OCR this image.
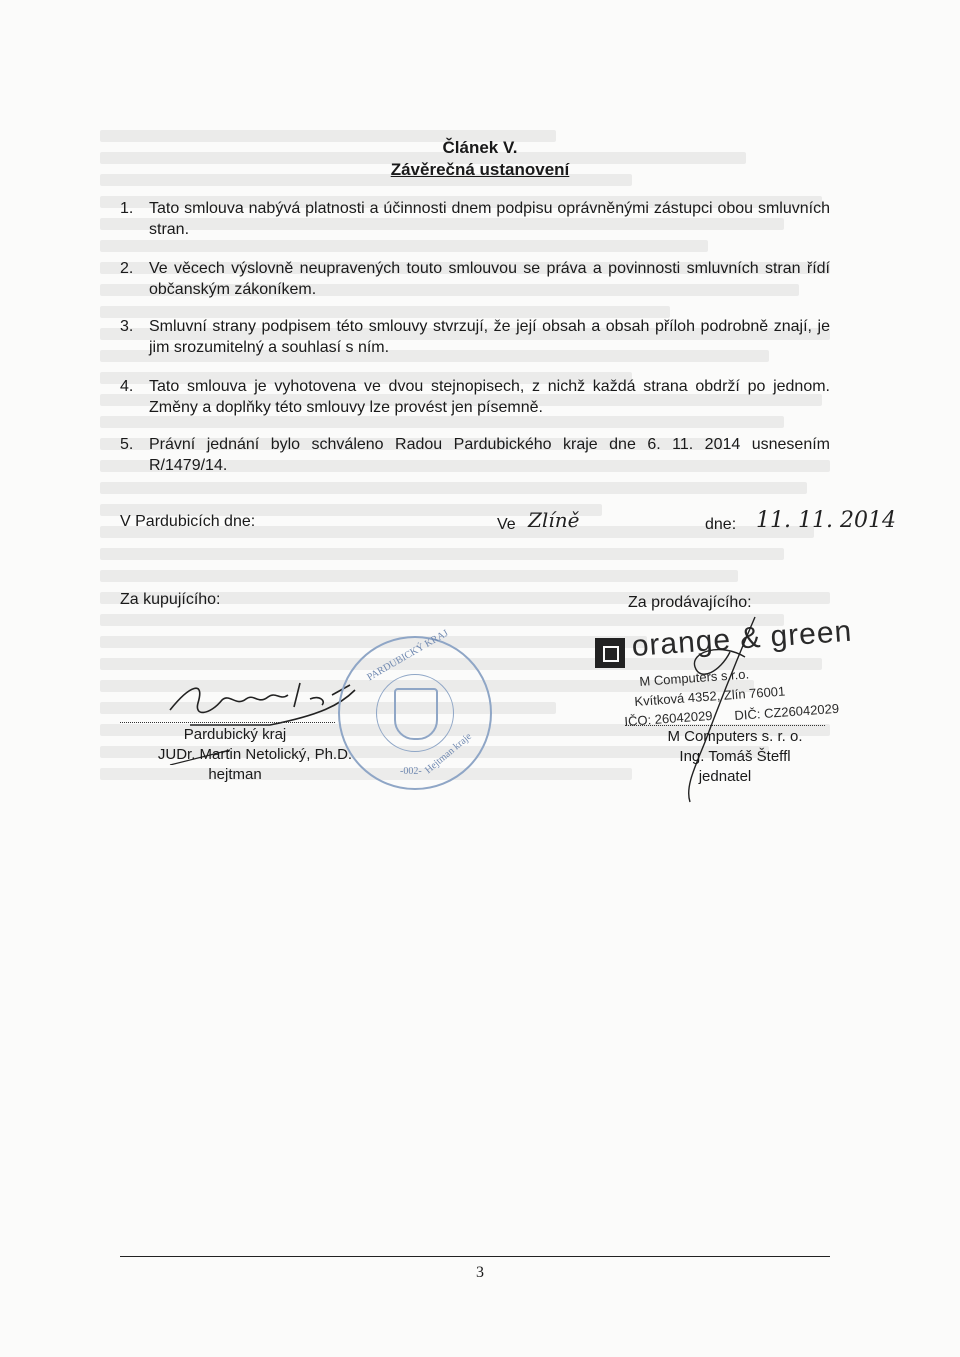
Článek V.
Závěrečná ustanovení
1. Tato smlouva nabývá platnosti a účinnosti dnem podpisu oprávněnými zástupci obou smluvních stran.
2. Ve věcech výslovně neupravených touto smlouvou se práva a povinnosti smluvních stran řídí občanským zákoníkem.
3. Smluvní strany podpisem této smlouvy stvrzují, že její obsah a obsah příloh podrobně znají, je jim srozumitelný a souhlasí s ním.
4. Tato smlouva je vyhotovena ve dvou stejnopisech, z nichž každá strana obdrží po jednom. Změny a doplňky této smlouvy lze provést jen písemně.
5. Právní jednání bylo schváleno Radou Pardubického kraje dne 6. 11. 2014 usnesením R/1479/14.
V Pardubicích dne:	Ve Zlíně	dne: 11. 11. 2014
Za kupujícího:	Za prodávajícího:
PARDUBICKÝ KRAJ
Hejtman kraje
-002-
Pardubický kraj
JUDr. Martin Netolický, Ph.D.
hejtman
orange & green
M Computers s.r.o.
Kvítková 4352, Zlín 76001
IČO: 26042029 DIČ: CZ26042029
M Computers s. r. o.
Ing. Tomáš Šteffl
jednatel
3
